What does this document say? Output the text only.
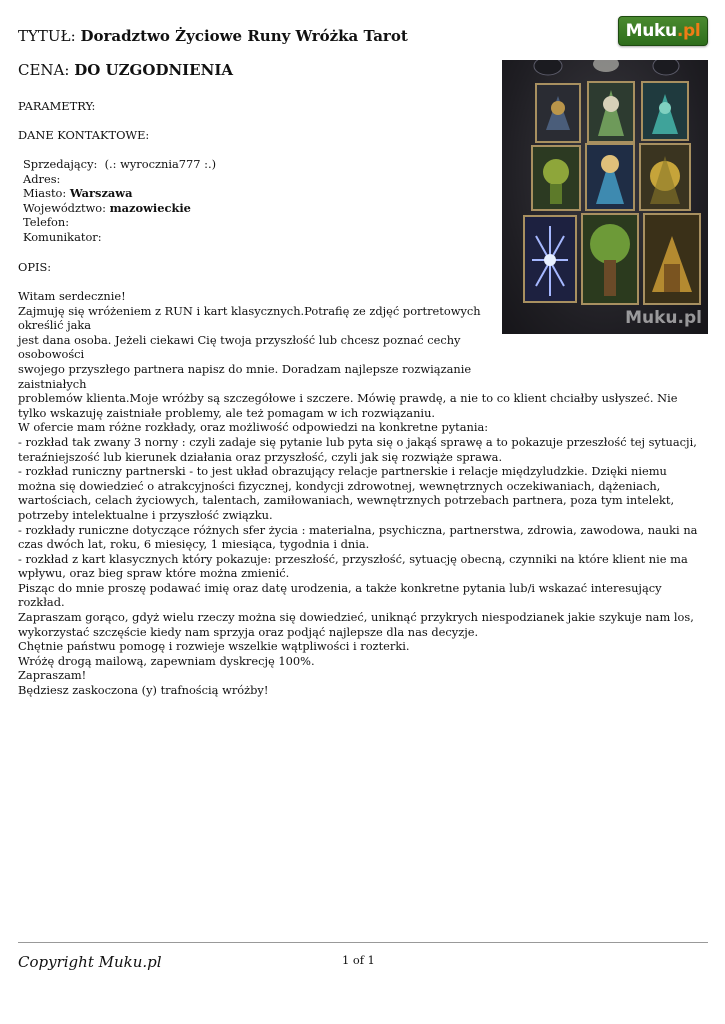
Muku .pl
TYTUŁ: Doradztwo Życiowe Runy Wróżka Tarot
CENA: DO UZGODNIENIA
Muku.pl
PARAMETRY:
DANE KONTAKTOWE:
Sprzedający: (.: wyrocznia777 :.)
Adres:
Miasto: Warszawa
Województwo: mazowieckie
Telefon:
Komunikator:
OPIS:

Witam serdecznie!

Zajmuję się wróżeniem z RUN i kart klasycznych.Potrafię ze zdjęć portretowych określić jaka
jest dana osoba. Jeżeli ciekawi Cię twoja przyszłość lub chcesz poznać cechy osobowości
swojego przyszłego partnera napisz do mnie. Doradzam najlepsze rozwiązanie zaistniałych

problemów klienta.Moje wróżby są szczegółowe i szczere. Mówię prawdę, a nie to co klient chciałby usłyszeć. Nie tylko wskazuję zaistniałe problemy, ale też pomagam w ich rozwiązaniu.

W ofercie mam różne rozkłady, oraz możliwość odpowiedzi na konkretne pytania:

- rozkład tak zwany 3 norny : czyli zadaje się pytanie lub pyta się o jakąś sprawę a to pokazuje przeszłość tej sytuacji, teraźniejszość lub kierunek działania oraz przyszłość, czyli jak się rozwiąże sprawa.

- rozkład runiczny partnerski - to jest układ obrazujący relacje partnerskie i relacje międzyludzkie. Dzięki niemu można się dowiedzieć o atrakcyjności fizycznej, kondycji zdrowotnej, wewnętrznych oczekiwaniach, dążeniach, wartościach, celach życiowych, talentach, zamiłowaniach, wewnętrznych potrzebach partnera, poza tym intelekt, potrzeby intelektualne i przyszłość związku.

- rozkłady runiczne dotyczące różnych sfer życia : materialna, psychiczna, partnerstwa, zdrowia, zawodowa, nauki na czas dwóch lat, roku, 6 miesięcy, 1 miesiąca, tygodnia i dnia.

- rozkład z kart klasycznych który pokazuje: przeszłość, przyszłość, sytuację obecną, czynniki na które klient nie ma wpływu, oraz bieg spraw które można zmienić.

Pisząc do mnie proszę podawać imię oraz datę urodzenia, a także konkretne pytania lub/i wskazać interesujący rozkład.

Zapraszam gorąco, gdyż wielu rzeczy można się dowiedzieć, uniknąć przykrych niespodzianek jakie szykuje nam los, wykorzystać szczęście kiedy nam sprzyja oraz podjąć najlepsze dla nas decyzje.

Chętnie państwu pomogę i rozwieje wszelkie wątpliwości i rozterki.

Wróżę drogą mailową, zapewniam dyskrecję 100%.

Zapraszam!

Będziesz zaskoczona (y) trafnością wróżby!

Copyright Muku.pl	1 of 1
